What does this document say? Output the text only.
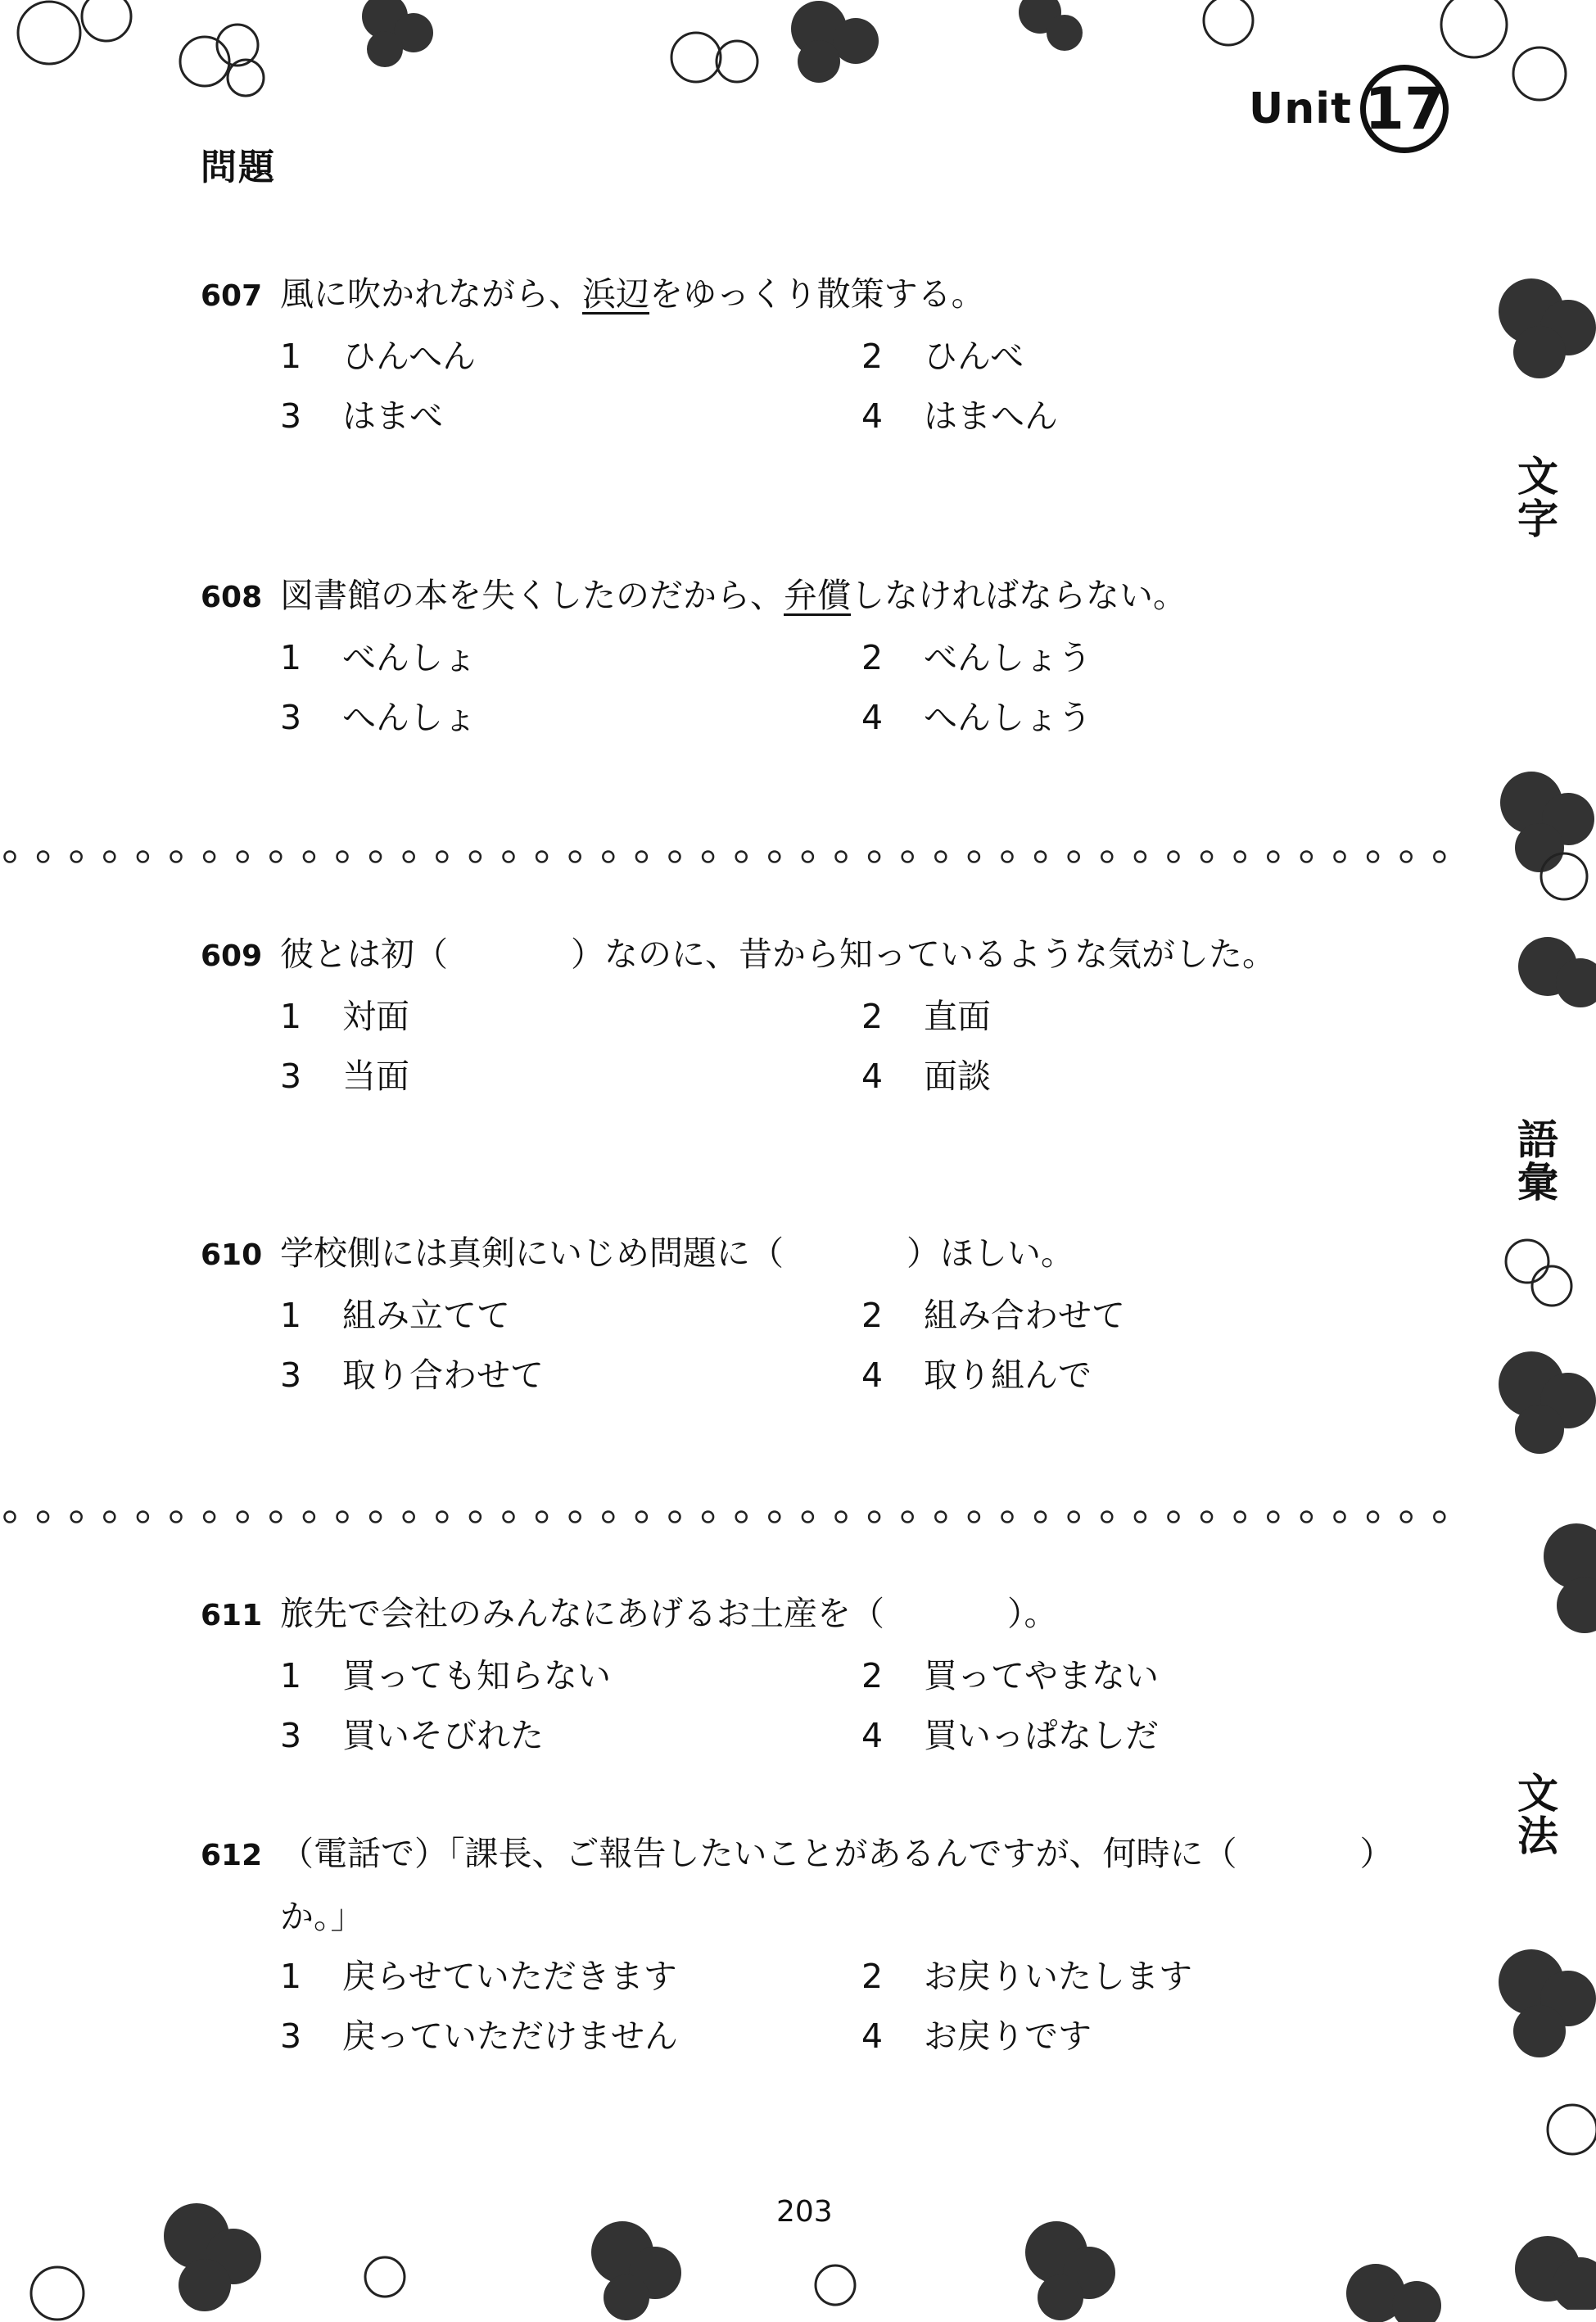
Unit 17
問題
文字
語彙
文法
607 風に吹かれながら、浜辺をゆっくり散策する。
1 ひんへん	2 ひんべ
3 はまべ	4 はまへん
608 図書館の本を失くしたのだから、弁償しなければならない。
1 べんしょ	2 べんしょう
3 へんしょ	4 へんしょう
609 彼とは初（	）なのに、昔から知っているような気がした。
1 対面	2 直面
3 当面	4 面談
610 学校側には真剣にいじめ問題に（	）ほしい。
1 組み立てて	2 組み合わせて
3 取り合わせて	4 取り組んで
611 旅先で会社のみんなにあげるお土産を（	）。
1 買っても知らない	2 買ってやまない
3 買いそびれた	4 買いっぱなしだ
612 （電話で）「課長、ご報告したいことがあるんですが、何時に（	）
か。」
1 戻らせていただきます	2 お戻りいたします
3 戻っていただけません	4 お戻りです
203
